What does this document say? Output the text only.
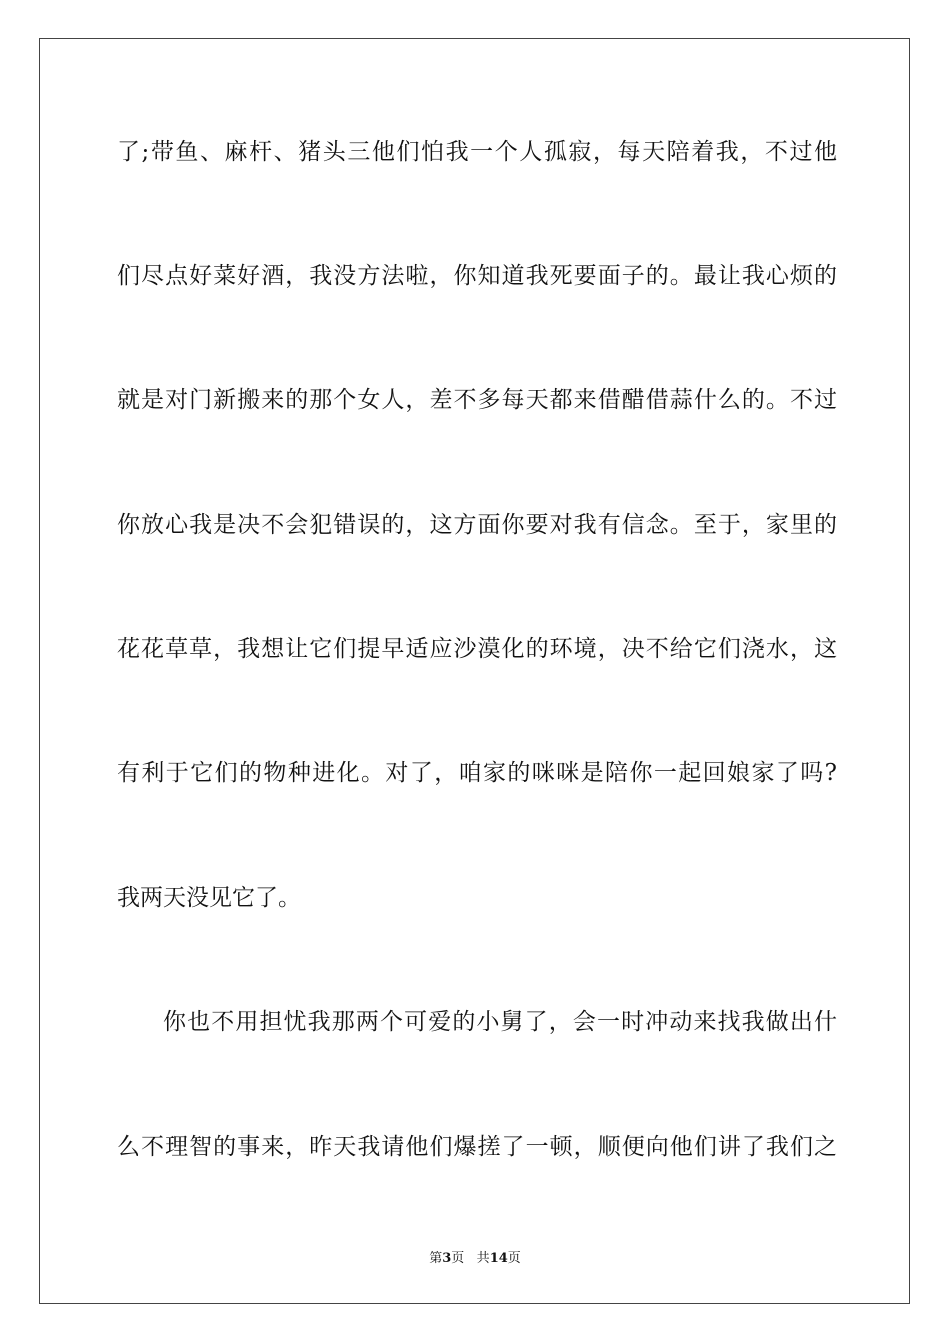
了;带鱼、麻杆、猪头三他们怕我一个人孤寂，每天陪着我，不过他
们尽点好菜好酒，我没方法啦，你知道我死要面子的。最让我心烦的
就是对门新搬来的那个女人，差不多每天都来借醋借蒜什么的。不过
你放心我是决不会犯错误的，这方面你要对我有信念。至于，家里的
花花草草，我想让它们提早适应沙漠化的环境，决不给它们浇水，这
有利于它们的物种进化。对了，咱家的咪咪是陪你一起回娘家了吗?
我两天没见它了。
你也不用担忧我那两个可爱的小舅了，会一时冲动来找我做出什
么不理智的事来，昨天我请他们爆搓了一顿，顺便向他们讲了我们之
第3页 共14页
